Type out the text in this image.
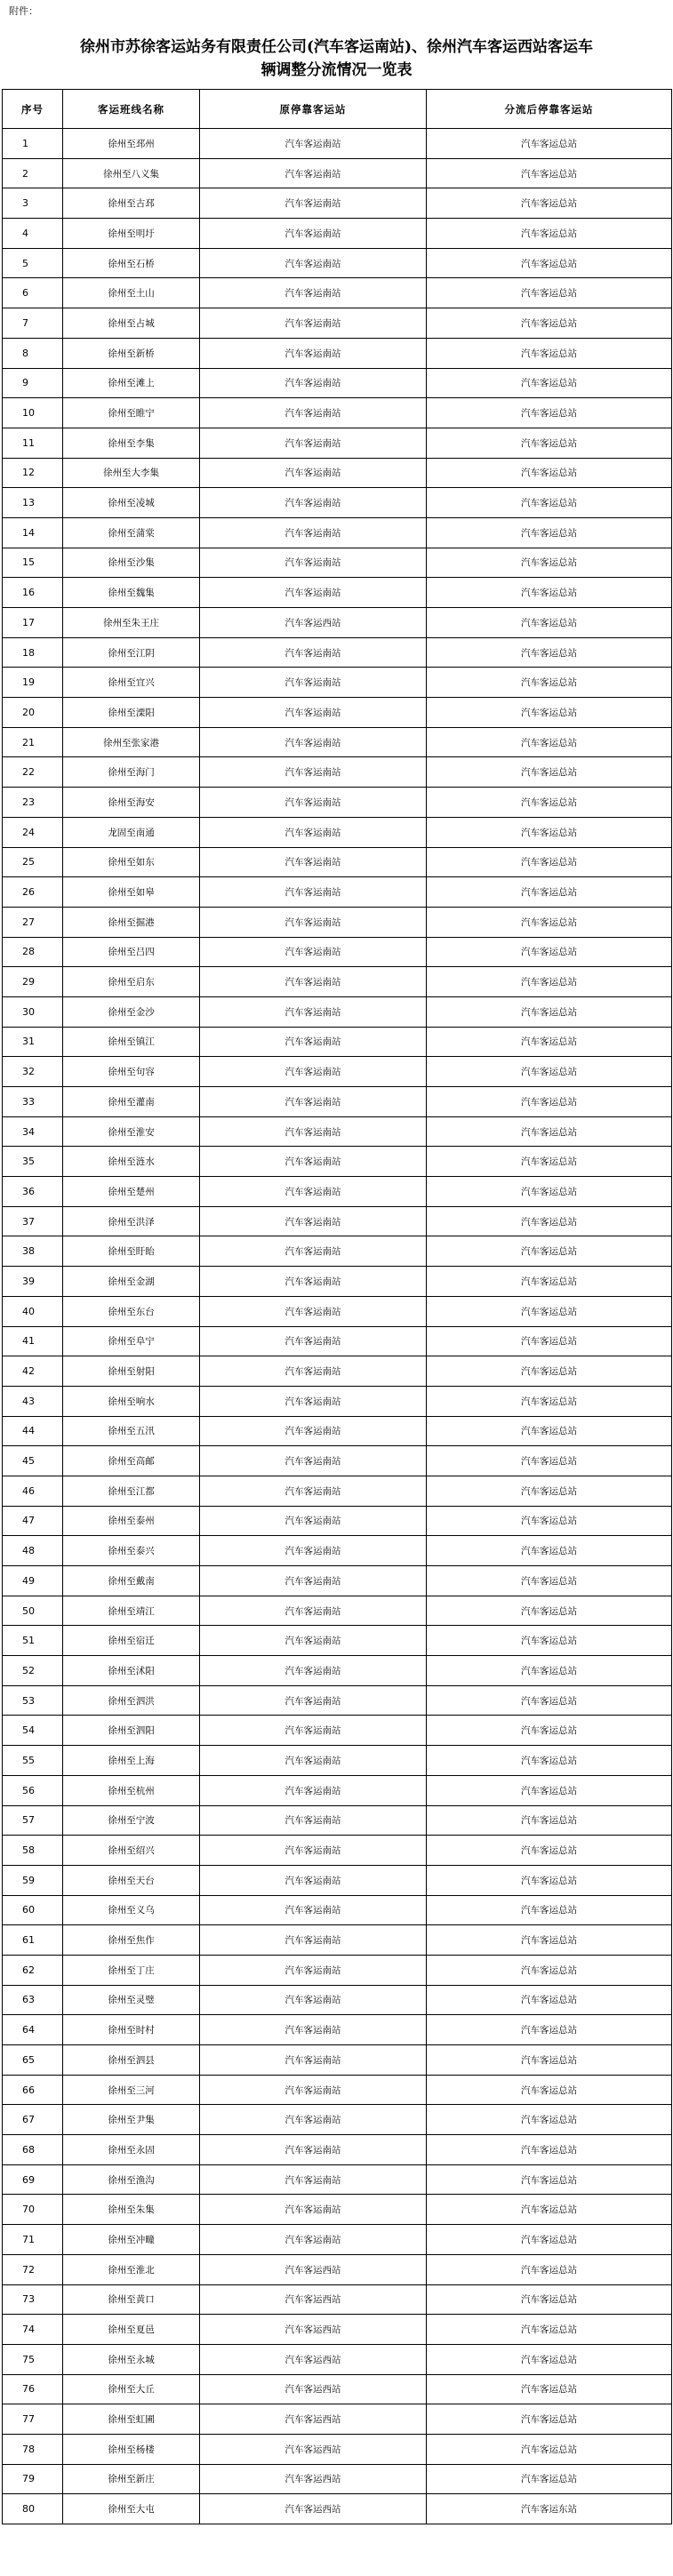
附件：
徐州市苏徐客运站务有限责任公司(汽车客运南站)、徐州汽车客运西站客运车
辆调整分流情况一览表
序号	客运班线名称	原停靠客运站	分流后停靠客运站
1	徐州至邳州	汽车客运南站	汽车客运总站
2	徐州至八义集	汽车客运南站	汽车客运总站
3	徐州至古邳	汽车客运南站	汽车客运总站
4	徐州至明圩	汽车客运南站	汽车客运总站
5	徐州至石桥	汽车客运南站	汽车客运总站
6	徐州至土山	汽车客运南站	汽车客运总站
7	徐州至占城	汽车客运南站	汽车客运总站
8	徐州至新桥	汽车客运南站	汽车客运总站
9	徐州至滩上	汽车客运南站	汽车客运总站
10	徐州至睢宁	汽车客运南站	汽车客运总站
11	徐州至李集	汽车客运南站	汽车客运总站
12	徐州至大李集	汽车客运南站	汽车客运总站
13	徐州至凌城	汽车客运南站	汽车客运总站
14	徐州至蒲棠	汽车客运南站	汽车客运总站
15	徐州至沙集	汽车客运南站	汽车客运总站
16	徐州至魏集	汽车客运南站	汽车客运总站
17	徐州至朱王庄	汽车客运西站	汽车客运总站
18	徐州至江阴	汽车客运南站	汽车客运总站
19	徐州至宜兴	汽车客运南站	汽车客运总站
20	徐州至溧阳	汽车客运南站	汽车客运总站
21	徐州至张家港	汽车客运南站	汽车客运总站
22	徐州至海门	汽车客运南站	汽车客运总站
23	徐州至海安	汽车客运南站	汽车客运总站
24	龙固至南通	汽车客运南站	汽车客运总站
25	徐州至如东	汽车客运南站	汽车客运总站
26	徐州至如皋	汽车客运南站	汽车客运总站
27	徐州至掘港	汽车客运南站	汽车客运总站
28	徐州至吕四	汽车客运南站	汽车客运总站
29	徐州至启东	汽车客运南站	汽车客运总站
30	徐州至金沙	汽车客运南站	汽车客运总站
31	徐州至镇江	汽车客运南站	汽车客运总站
32	徐州至句容	汽车客运南站	汽车客运总站
33	徐州至灌南	汽车客运南站	汽车客运总站
34	徐州至淮安	汽车客运南站	汽车客运总站
35	徐州至涟水	汽车客运南站	汽车客运总站
36	徐州至楚州	汽车客运南站	汽车客运总站
37	徐州至洪泽	汽车客运南站	汽车客运总站
38	徐州至盱眙	汽车客运南站	汽车客运总站
39	徐州至金湖	汽车客运南站	汽车客运总站
40	徐州至东台	汽车客运南站	汽车客运总站
41	徐州至阜宁	汽车客运南站	汽车客运总站
42	徐州至射阳	汽车客运南站	汽车客运总站
43	徐州至响水	汽车客运南站	汽车客运总站
44	徐州至五汛	汽车客运南站	汽车客运总站
45	徐州至高邮	汽车客运南站	汽车客运总站
46	徐州至江都	汽车客运南站	汽车客运总站
47	徐州至泰州	汽车客运南站	汽车客运总站
48	徐州至泰兴	汽车客运南站	汽车客运总站
49	徐州至戴南	汽车客运南站	汽车客运总站
50	徐州至靖江	汽车客运南站	汽车客运总站
51	徐州至宿迁	汽车客运南站	汽车客运总站
52	徐州至沭阳	汽车客运南站	汽车客运总站
53	徐州至泗洪	汽车客运南站	汽车客运总站
54	徐州至泗阳	汽车客运南站	汽车客运总站
55	徐州至上海	汽车客运南站	汽车客运总站
56	徐州至杭州	汽车客运南站	汽车客运总站
57	徐州至宁波	汽车客运南站	汽车客运总站
58	徐州至绍兴	汽车客运南站	汽车客运总站
59	徐州至天台	汽车客运南站	汽车客运总站
60	徐州至义乌	汽车客运南站	汽车客运总站
61	徐州至焦作	汽车客运南站	汽车客运总站
62	徐州至丁庄	汽车客运南站	汽车客运总站
63	徐州至灵璧	汽车客运南站	汽车客运总站
64	徐州至时村	汽车客运南站	汽车客运总站
65	徐州至泗县	汽车客运南站	汽车客运总站
66	徐州至三河	汽车客运南站	汽车客运总站
67	徐州至尹集	汽车客运南站	汽车客运总站
68	徐州至永固	汽车客运南站	汽车客运总站
69	徐州至渔沟	汽车客运南站	汽车客运总站
70	徐州至朱集	汽车客运南站	汽车客运总站
71	徐州至冲疃	汽车客运南站	汽车客运总站
72	徐州至淮北	汽车客运西站	汽车客运总站
73	徐州至黄口	汽车客运西站	汽车客运总站
74	徐州至夏邑	汽车客运西站	汽车客运总站
75	徐州至永城	汽车客运西站	汽车客运总站
76	徐州至大丘	汽车客运西站	汽车客运总站
77	徐州至虹圃	汽车客运西站	汽车客运总站
78	徐州至杨楼	汽车客运西站	汽车客运总站
79	徐州至新庄	汽车客运西站	汽车客运总站
80	徐州至大屯	汽车客运西站	汽车客运东站
